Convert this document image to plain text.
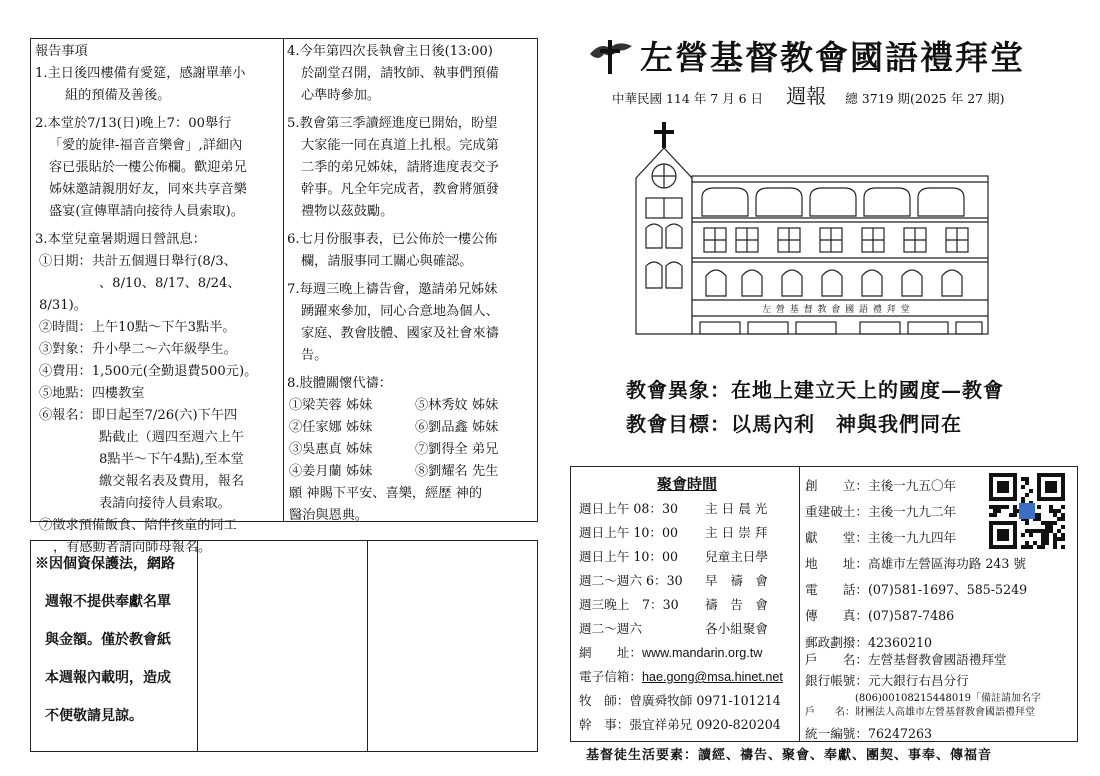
報告事項
1.主日後四樓備有愛筵，感謝單華小
組的預備及善後。
2.本堂於7/13(日)晚上7：00舉行
「愛的旋律-福音音樂會」,詳細內
容已張貼於一樓公佈欄。歡迎弟兄
姊妹邀請親朋好友，同來共享音樂
盛宴(宣傳單請向接待人員索取)。
3.本堂兒童暑期週日營訊息：
①日期：共計五個週日舉行(8/3、
、8/10、8/17、8/24、8/31)。
②時間：上午10點～下午3點半。
③對象：升小學二～六年級學生。
④費用：1,500元(全勤退費500元)。
⑤地點：四樓教室
⑥報名：即日起至7/26(六)下午四
點截止（週四至週六上午
8點半～下午4點),至本堂
繳交報名表及費用，報名
表請向接待人員索取。
⑦徵求預備飯食、陪伴孩童的同工
，有感動者請向師母報名。
4.今年第四次長執會主日後(13:00)
於副堂召開，請牧師、執事們預備
心準時參加。
5.教會第三季讀經進度已開始，盼望
大家能一同在真道上扎根。完成第
二季的弟兄姊妹，請將進度表交予
幹事。凡全年完成者，教會將頒發
禮物以茲鼓勵。
6.七月份服事表，已公佈於一樓公佈
欄，請服事同工關心與確認。
7.每週三晚上禱告會，邀請弟兄姊妹
踴躍來參加，同心合意地為個人、
家庭、教會肢體、國家及社會來禱
告。
8.肢體關懷代禱：
①梁芙蓉 姊妹	⑤林秀妏 姊妹
②任家娜 姊妹	⑥劉品鑫 姊妹
③吳惠貞 姊妹	⑦劉得全 弟兄
④姜月蘭 姊妹	⑧劉耀名 先生
願 神賜下平安、喜樂，經歷 神的
醫治與恩典。

※因個資保護法，網路

週報不提供奉獻名單

與金額。僅於教會紙

本週報內載明，造成

不便敬請見諒。

左營基督教會國語禮拜堂
中華民國 114 年 7 月 6 日 週報 總 3719 期(2025 年 27 期)
左 營 基 督 教 會 國 語 禮 拜 堂
教會異象：在地上建立天上的國度—教會
教會目標：以馬內利　神與我們同在
聚會時間
週日上午 08：30	主 日 晨 光
週日上午 10：00	主 日 崇 拜
週日上午 10：00	兒童主日學
週二～週六 6：30	早　禱　會
週三晚上　7：30	禱　告　會
週二～週六	各小組聚會
網　　址： www.mandarin.org.tw
電子信箱： hae.gong@msa.hinet.net
牧　師：曾廣舜牧師 0971-101214
幹　事：張宜祥弟兄 0920-820204
創　　立：主後一九五〇年
重建破土：主後一九九二年
獻　　堂：主後一九九四年
地　　址：高雄市左營區海功路 243 號
電　　話：(07)581-1697、585-5249
傳　　真：(07)587-7486
郵政劃撥：42360210
戶　　名：左營基督教會國語禮拜堂
銀行帳號：元大銀行右昌分行
(806)00108215448019「備註請加名字
戶　　名：財團法人高雄市左營基督教會國語禮拜堂
統一編號：76247263
基督徒生活要素：讀經、禱告、聚會、奉獻、團契、事奉、傳福音
